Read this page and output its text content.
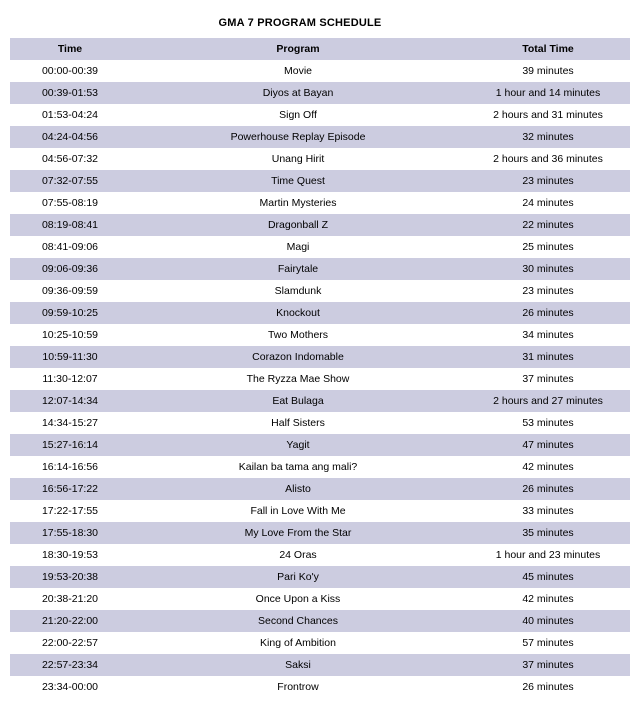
GMA 7 PROGRAM SCHEDULE
Time	Program	Total Time
00:00-00:39	Movie	39 minutes
00:39-01:53	Diyos at Bayan	1 hour and 14 minutes
01:53-04:24	Sign Off	2 hours and 31 minutes
04:24-04:56	Powerhouse Replay Episode	32 minutes
04:56-07:32	Unang Hirit	2 hours and 36 minutes
07:32-07:55	Time Quest	23 minutes
07:55-08:19	Martin Mysteries	24 minutes
08:19-08:41	Dragonball Z	22 minutes
08:41-09:06	Magi	25 minutes
09:06-09:36	Fairytale	30 minutes
09:36-09:59	Slamdunk	23 minutes
09:59-10:25	Knockout	26 minutes
10:25-10:59	Two Mothers	34 minutes
10:59-11:30	Corazon Indomable	31 minutes
11:30-12:07	The Ryzza Mae Show	37 minutes
12:07-14:34	Eat Bulaga	2 hours and 27 minutes
14:34-15:27	Half Sisters	53 minutes
15:27-16:14	Yagit	47 minutes
16:14-16:56	Kailan ba tama ang mali?	42 minutes
16:56-17:22	Alisto	26 minutes
17:22-17:55	Fall in Love With Me	33 minutes
17:55-18:30	My Love From the Star	35 minutes
18:30-19:53	24 Oras	1 hour and 23 minutes
19:53-20:38	Pari Ko'y	45 minutes
20:38-21:20	Once Upon a Kiss	42 minutes
21:20-22:00	Second Chances	40 minutes
22:00-22:57	King of Ambition	57 minutes
22:57-23:34	Saksi	37 minutes
23:34-00:00	Frontrow	26 minutes
